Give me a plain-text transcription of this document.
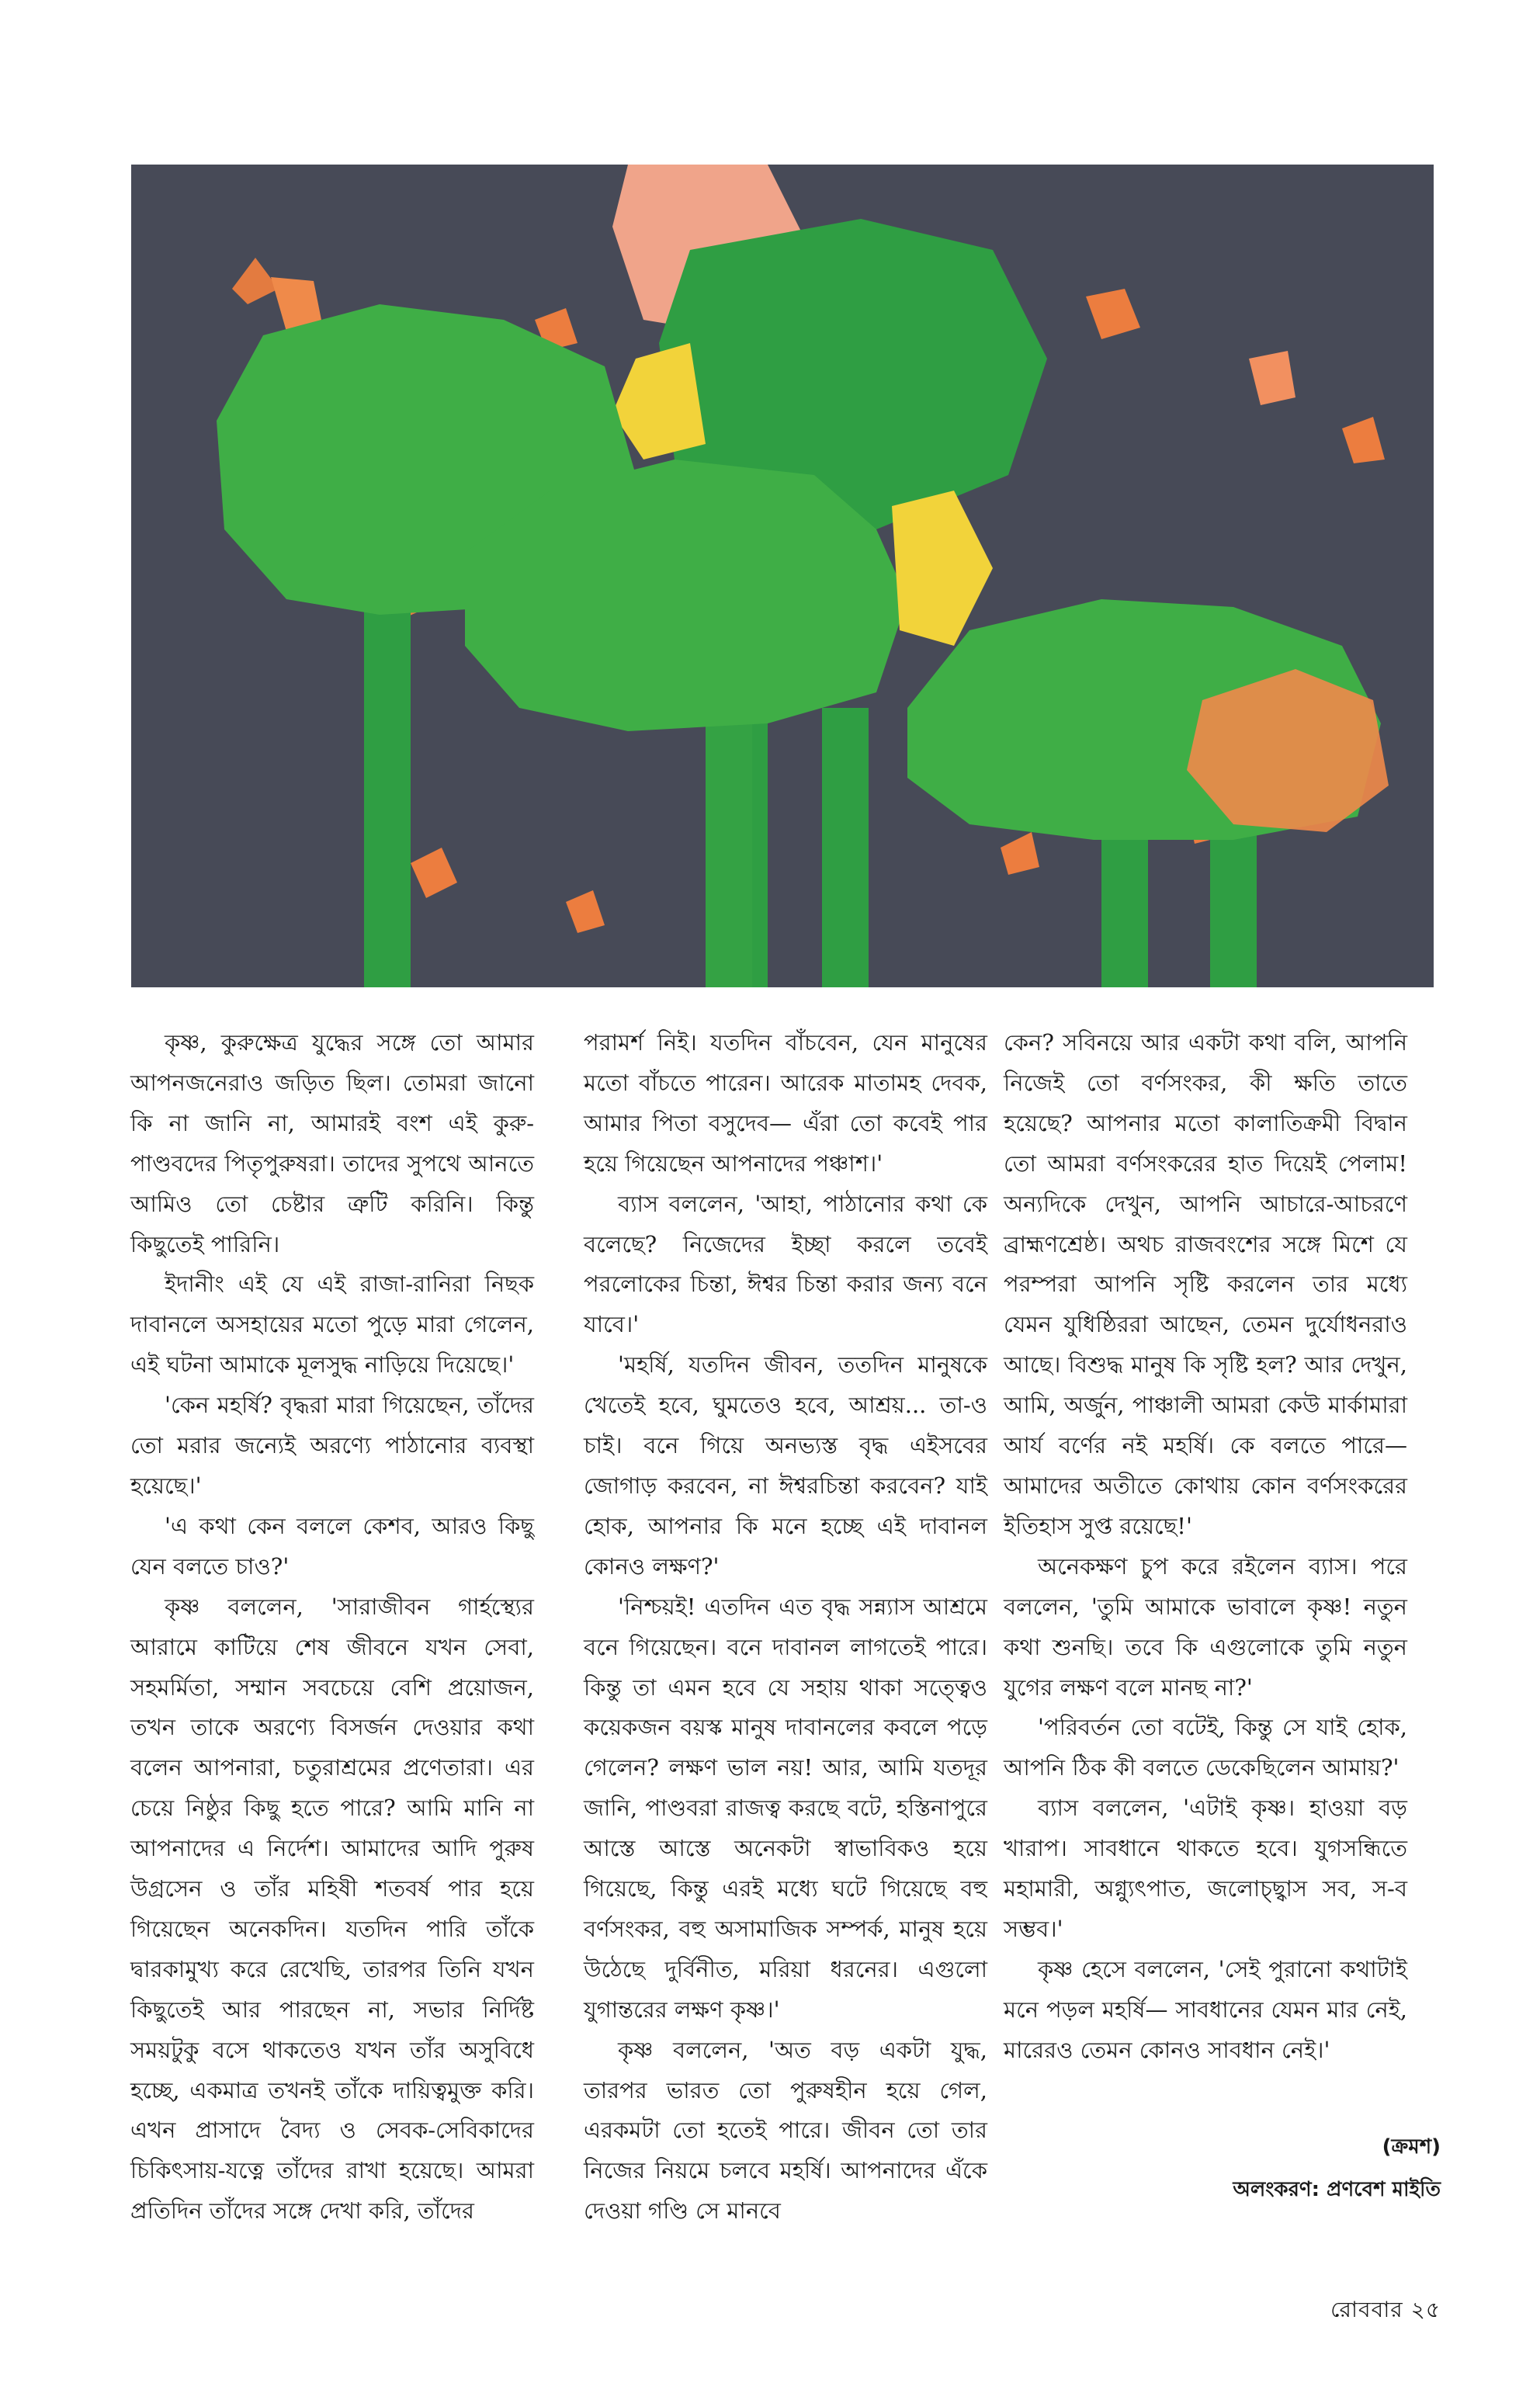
কৃষ্ণ, কুরুক্ষেত্র যুদ্ধের সঙ্গে তো আমার আপনজনেরাও জড়িত ছিল। তোমরা জানো কি না জানি না, আমারই বংশ এই কুরু-পাণ্ডবদের পিতৃপুরুষরা। তাদের সুপথে আনতে আমিও তো চেষ্টার ত্রুটি করিনি। কিন্তু কিছুতেই পারিনি।

ইদানীং এই যে এই রাজা-রানিরা নিছক দাবানলে অসহায়ের মতো পুড়ে মারা গেলেন, এই ঘটনা আমাকে মূলসুদ্ধ নাড়িয়ে দিয়েছে।'

'কেন মহর্ষি? বৃদ্ধরা মারা গিয়েছেন, তাঁদের তো মরার জন্যেই অরণ্যে পাঠানোর ব্যবস্থা হয়েছে।'

'এ কথা কেন বললে কেশব, আরও কিছু যেন বলতে চাও?'

কৃষ্ণ বললেন, 'সারাজীবন গার্হস্থ্যের আরামে কাটিয়ে শেষ জীবনে যখন সেবা, সহমর্মিতা, সম্মান সবচেয়ে বেশি প্রয়োজন, তখন তাকে অরণ্যে বিসর্জন দেওয়ার কথা বলেন আপনারা, চতুরাশ্রমের প্রণেতারা। এর চেয়ে নিষ্ঠুর কিছু হতে পারে? আমি মানি না আপনাদের এ নির্দেশ। আমাদের আদি পুরুষ উগ্রসেন ও তাঁর মহিষী শতবর্ষ পার হয়ে গিয়েছেন অনেকদিন। যতদিন পারি তাঁকে দ্বারকামুখ্য করে রেখেছি, তারপর তিনি যখন কিছুতেই আর পারছেন না, সভার নির্দিষ্ট সময়টুকু বসে থাকতেও যখন তাঁর অসুবিধে হচ্ছে, একমাত্র তখনই তাঁকে দায়িত্বমুক্ত করি। এখন প্রাসাদে বৈদ্য ও সেবক-সেবিকাদের চিকিৎসায়-যত্নে তাঁদের রাখা হয়েছে। আমরা প্রতিদিন তাঁদের সঙ্গে দেখা করি, তাঁদের

পরামর্শ নিই। যতদিন বাঁচবেন, যেন মানুষের মতো বাঁচতে পারেন। আরেক মাতামহ দেবক, আমার পিতা বসুদেব— এঁরা তো কবেই পার হয়ে গিয়েছেন আপনাদের পঞ্চাশ।'

ব্যাস বললেন, 'আহা, পাঠানোর কথা কে বলেছে? নিজেদের ইচ্ছা করলে তবেই পরলোকের চিন্তা, ঈশ্বর চিন্তা করার জন্য বনে যাবে।'

'মহর্ষি, যতদিন জীবন, ততদিন মানুষকে খেতেই হবে, ঘুমতেও হবে, আশ্রয়... তা-ও চাই। বনে গিয়ে অনভ্যস্ত বৃদ্ধ এইসবের জোগাড় করবেন, না ঈশ্বরচিন্তা করবেন? যাই হোক, আপনার কি মনে হচ্ছে এই দাবানল কোনও লক্ষণ?'

'নিশ্চয়ই! এতদিন এত বৃদ্ধ সন্ন্যাস আশ্রমে বনে গিয়েছেন। বনে দাবানল লাগতেই পারে। কিন্তু তা এমন হবে যে সহায় থাকা সত্ত্বেও কয়েকজন বয়স্ক মানুষ দাবানলের কবলে পড়ে গেলেন? লক্ষণ ভাল নয়! আর, আমি যতদূর জানি, পাণ্ডবরা রাজত্ব করছে বটে, হস্তিনাপুরে আস্তে আস্তে অনেকটা স্বাভাবিকও হয়ে গিয়েছে, কিন্তু এরই মধ্যে ঘটে গিয়েছে বহু বর্ণসংকর, বহু অসামাজিক সম্পর্ক, মানুষ হয়ে উঠেছে দুর্বিনীত, মরিয়া ধরনের। এগুলো যুগান্তরের লক্ষণ কৃষ্ণ।'

কৃষ্ণ বললেন, 'অত বড় একটা যুদ্ধ, তারপর ভারত তো পুরুষহীন হয়ে গেল, এরকমটা তো হতেই পারে। জীবন তো তার নিজের নিয়মে চলবে মহর্ষি। আপনাদের এঁকে দেওয়া গণ্ডি সে মানবে

কেন? সবিনয়ে আর একটা কথা বলি, আপনি নিজেই তো বর্ণসংকর, কী ক্ষতি তাতে হয়েছে? আপনার মতো কালাতিক্রমী বিদ্বান তো আমরা বর্ণসংকরের হাত দিয়েই পেলাম! অন্যদিকে দেখুন, আপনি আচারে-আচরণে ব্রাহ্মণশ্রেষ্ঠ। অথচ রাজবংশের সঙ্গে মিশে যে পরম্পরা আপনি সৃষ্টি করলেন তার মধ্যে যেমন যুধিষ্ঠিররা আছেন, তেমন দুর্যোধনরাও আছে। বিশুদ্ধ মানুষ কি সৃষ্টি হল? আর দেখুন, আমি, অর্জুন, পাঞ্চালী আমরা কেউ মার্কামারা আর্য বর্ণের নই মহর্ষি। কে বলতে পারে— আমাদের অতীতে কোথায় কোন বর্ণসংকরের ইতিহাস সুপ্ত রয়েছে!'

অনেকক্ষণ চুপ করে রইলেন ব্যাস। পরে বললেন, 'তুমি আমাকে ভাবালে কৃষ্ণ! নতুন কথা শুনছি। তবে কি এগুলোকে তুমি নতুন যুগের লক্ষণ বলে মানছ না?'

'পরিবর্তন তো বটেই, কিন্তু সে যাই হোক, আপনি ঠিক কী বলতে ডেকেছিলেন আমায়?'

ব্যাস বললেন, 'এটাই কৃষ্ণ। হাওয়া বড় খারাপ। সাবধানে থাকতে হবে। যুগসন্ধিতে মহামারী, অগ্ন্যুৎপাত, জলোচ্ছ্বাস সব, স-ব সম্ভব।'

কৃষ্ণ হেসে বললেন, 'সেই পুরানো কথাটাই মনে পড়ল মহর্ষি— সাবধানের যেমন মার নেই, মারেরও তেমন কোনও সাবধান নেই।'

(ক্রমশ)
অলংকরণ: প্রণবেশ মাইতি
রোববার ২৫
